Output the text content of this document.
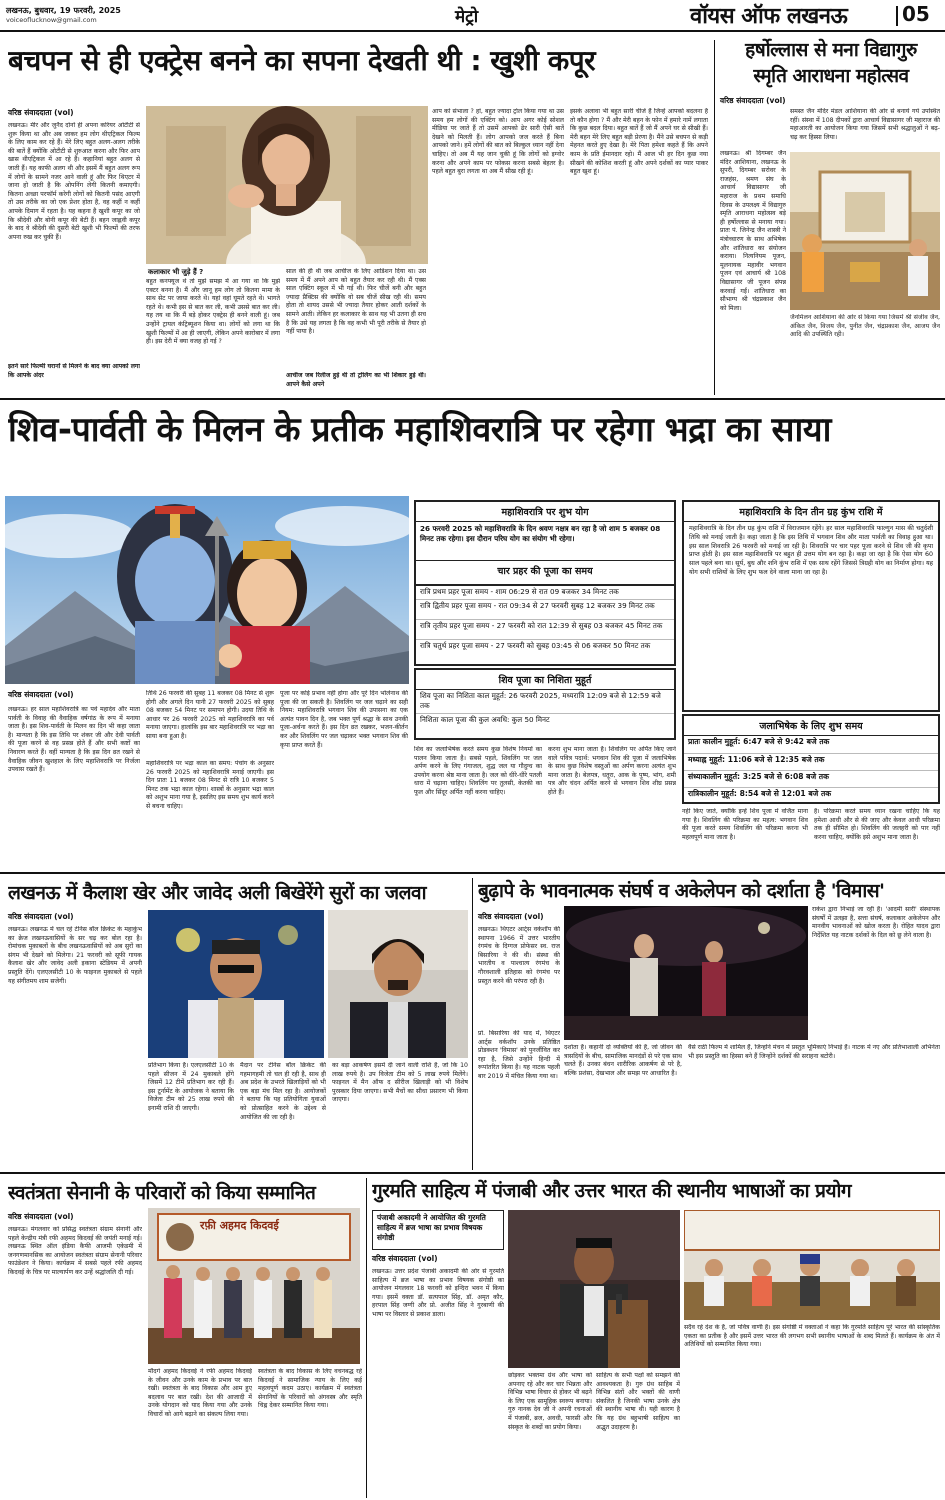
लखनऊ, बुधवार, 19 फरवरी, 2025
voiceoflucknow@gmail.com	मेट्रो	वॉयस ऑफ लखनऊ	05
बचपन से ही एक्ट्रेस बनने का सपना देखती थी : खुशी कपूर
वरिष्ठ संवाददाता (vol)
लखनऊ। मीर और जुनैद दोनों ही अपना करियर ओटीटी से शुरू किया था और अब जाकर हम लोग थीएट्रिकल फिल्म के लिए काम कर रहे हैं। मेरे लिए बहुत अलग-अलग तरीके की बातें हैं क्योंकि ओटीटी से शुरुआत करना और फिर आप खास थीएट्रिकल में आ रहे हैं। कहानियां बहुत अलग से जाती हैं। यह काफी अलग थी और इसमें मैं बहुत अलग रूप में लोगों के सामने नजर आने वाली हूं और फिर थिएटर में जाना हो जाती है कि ओपनिंग लेगी कितनी कमाएगी। कितना अच्छा परफॉर्म करेगी लोगों को कितनी पसंद आएगी तो उस तरीके का जो एक प्रेशर होता है, वह कहीं न कहीं आपके दिमाग में रहता है। यह कहना है खुशी कपूर का जो कि श्रीदेवी और बोनी कपूर की बेटी हैं। बहन जाह्नवी कपूर के बाद वे श्रीदेवी की दूसरी बेटी खुशी भी फिल्मों की तरफ अपना रुख कर चुकी हैं।
इतने सारे फिल्मी घरानों से मिलने के बाद क्या आपको लगा कि आपके अंदर
कलाकार भी जुड़े हैं ?
बहुत कनफ्यूज थे तो मुझे समझ में आ गया था कि मुझे एक्टर बनना है। मैं और जानू हम लोग तो कितना मामा के साथ सेट पर जाया करते थे। यहां वहां घूमते रहते थे। भागते रहते थे। कभी इस से बात कर ली, कभी उससे बात कर ली। यह तय था कि मैं बड़े होकर एक्ट्रेस ही बनने वाली हूं। जब उन्होंने ट्रायल कंट्रिब्यूशन किया था। लोगों को लगा था कि खुशी फिल्मों में आ ही जाएगी, लेकिन अपने कारोबार में लगा ही। इस देरी में क्या वजह हो गई ?
साल की ही थी जब आर्चीज के लिए आडिशन दिया था। उस समय में मैं अपने आप को बहुत तैयार कर रही थी। मैं एक्स साल एक्टिंग स्कूल में भी गई थी। फिर चीजें बनी और बहुत ज्यादा प्रैक्टिस की क्योंकि वो सब चीजें सीख रही थी। समय होता तो शायद उससे भी ज्यादा तैयार होकर आती दर्शकों के सामने आती। लेकिन हर कलाकार के साथ यह भी उतना ही सच है कि उसे यह लगता है कि वह कभी भी पूरी तरीके से तैयार हो नहीं पाया है।
आर्चीज जब रिलीज हुई थी तो ट्रोलिंग का भी शिकार हुई थीं। आपने कैसे अपने
आप को संभाला ? हां, बहुत ज्यादा ट्रोल किया गया था उस समय हम लोगों की एक्टिंग को। आप अगर कोई सोशल मीडिया पर जाते हैं तो उसमें आपको ढेर सारी ऐसी बातें देखने को मिलती हैं। लोग आपको जज करते हैं बिना आपको जाने। हमें लोगों की बात को बिल्कुल ध्यान नहीं देना चाहिए। तो अब मैं यह जान चुकी हूं कि लोगों को इग्नोर करना और अपने काम पर फोकस करना सबसे बेहतर है। पहले बहुत बुरा लगता था अब मैं सीख रही हूं।
इसके अलावा भी बहुत सारी चीजें हैं जिन्हें आपको बदलना है तो कौन होगा ? मैं और मेरी बहन के फोन में हमारे नामें लगाता कि कुछ बदल दिया। बहुत बातें हैं जो मैं अपने घर से सीखी हैं। मेरी बहन मेरे लिए बहुत बड़ी प्रेरणा है। मैंने उसे बचपन से कड़ी मेहनत करते हुए देखा है। मेरे पिता हमेशा कहते हैं कि अपने काम के प्रति ईमानदार रहो। मैं आज भी हर दिन कुछ नया सीखने की कोशिश करती हूं और अपने दर्शकों का प्यार पाकर बहुत खुश हूं।
हर्षोल्लास से मना विद्यागुरु
स्मृति आराधना महोत्सव
वरिष्ठ संवाददाता (vol)
लखनऊ। श्री दिगम्बर जैन मंदिर आशियाना, लखनऊ के सुपरी, दिगम्बर सरोवर के राजहंस, श्रमण संघ के आचार्य विद्यासागर जी महाराज के प्रथम समाधि दिवस के उपलक्ष्य में विद्यागुरु स्मृति आराधना महोत्सव बड़े ही हर्षोल्लास से मनाया गया। प्रातः पं. जिनेन्द्र जैन शास्त्री ने मंत्रोच्चारण के साथ अभिषेक और शांतिधारा का संयोजन कराया। नित्यनियम पूजन, मूलनायक महावीर भगवान पूजन एवं आचार्य श्री 108 विद्यासागर जी पूजन संपन्न करवाई गईं। शांतिधारा का सौभाग्य श्री चंद्रप्रकाश जैन को मिला।
समस्त जैन मंदिर मंडल आशियाना की ओर से बनाये गये उपस्थित रहीं। संस्था में 108 दीपकों द्वारा आचार्य विद्यासागर जी महाराज की महाआरती का आयोजन किया गया जिसमें सभी श्रद्धालुओं ने बढ़-चढ़ कर हिस्सा लिया।
जैनमिलन आशियाना की ओर से किया गया जिसमें श्री संजीव जैन, अंकित जैन, विजय जैन, पुनीत जैन, चंद्रप्रकाश जैन, आजय जैन आदि की उपस्थिति रही।
शिव-पार्वती के मिलन के प्रतीक महाशिवरात्रि पर रहेगा भद्रा का साया
महाशिवरात्रि पर शुभ योग
26 फरवरी 2025 को महाशिवरात्रि के दिन श्रवण नक्षत्र बन रहा है जो शाम 5 बजकर 08 मिनट तक रहेगा। इस दौरान परिघ योग का संयोग भी रहेगा।
चार प्रहर की पूजा का समय
रात्रि प्रथम प्रहर पूजा समय - शाम 06:29 से रात 09 बजकर 34 मिनट तक
रात्रि द्वितीय प्रहर पूजा समय - रात 09:34 से 27 फरवरी सुबह 12 बजकर 39 मिनट तक
रात्रि तृतीय प्रहर पूजा समय - 27 फरवरी को रात 12:39 से सुबह 03 बजकर 45 मिनट तक
रात्रि चतुर्थ प्रहर पूजा समय - 27 फरवरी को सुबह 03:45 से 06 बजकर 50 मिनट तक
शिव पूजा का निशिता मुहूर्त
शिव पूजा का निशिता काल मुहूर्त: 26 फरवरी 2025, मध्यरात्रि 12:09 बजे से 12:59 बजे तक
निशिता काल पूजा की कुल अवधि: कुल 50 मिनट
महाशिवरात्रि के दिन तीन ग्रह कुंभ राशि में
महाशिवरात्रि के दिन तीन ग्रह कुंभ राशि में विराजमान रहेंगे। हर साल महाशिवरात्रि फाल्गुन मास की चतुर्दशी तिथि को मनाई जाती है। कहा जाता है कि इस तिथि में भगवान शिव और माता पार्वती का विवाह हुआ था। इस साल शिवरात्रि 26 फरवरी को मनाई जा रही है। शिवरात्रि पर चार पहर पूजा करने से शिव जी की कृपा प्राप्त होती है। इस साल महाशिवरात्रि पर बहुत ही उत्तम योग बन रहा है। कहा जा रहा है कि ऐसा योग 60 साल पहले बना था। सूर्य, बुध और शनि कुंभ राशि में एक साथ रहेंगे जिससे त्रिग्रही योग का निर्माण होगा। यह योग सभी राशियों के लिए शुभ फल देने वाला माना जा रहा है।
जलाभिषेक के लिए शुभ समय
प्रातः कालीन मुहूर्त: 6:47 बजे से 9:42 बजे तक
मध्याह्न मुहूर्त: 11:06 बजे से 12:35 बजे तक
संध्याकालीन मुहूर्त: 3:25 बजे से 6:08 बजे तक
रात्रिकालीन मुहूर्त: 8:54 बजे से 12:01 बजे तक
वरिष्ठ संवाददाता (vol)
लखनऊ। हर साल महाशिवरात्रि का पर्व महादेव और माता पार्वती के विवाह की वैवाहिक वर्षगांठ के रूप में मनाया जाता है। इस शिव-पार्वती के मिलन का दिन भी कहा जाता है। मान्यता है कि इस तिथि पर शंकर जी और देवी पार्वती की पूजा करने से वह प्रसन्न होते हैं और सभी कष्टों का निवारण करते हैं। वहीं मान्यता है कि इस दिन व्रत रखने से वैवाहिक जीवन खुशहाल के लिए महाशिवरात्रि पर निर्जला उपवास रखते हैं।
तिथि 26 फरवरी की सुबह 11 बजकर 08 मिनट से शुरू होगी और अगले दिन यानी 27 फरवरी 2025 को सुबह 08 बजकर 54 मिनट पर समापन होगी। उदया तिथि के आधार पर 26 फरवरी 2025 को महाशिवरात्रि का पर्व मनाया जाएगा। हालांकि इस बार महाशिवरात्रि पर भद्रा का साया बना हुआ है।
महाशिवरात्रि पर भद्रा काल का समय: पंचांग के अनुसार 26 फरवरी 2025 को महाशिवरात्रि मनाई जाएगी। इस दिन प्रातः 11 बजकर 08 मिनट से रात्रि 10 बजकर 5 मिनट तक भद्रा काल रहेगा। शास्त्रों के अनुसार भद्रा काल को अशुभ माना गया है, इसलिए इस समय शुभ कार्य करने से बचना चाहिए।
पूजा पर कोई प्रभाव नहीं होगा और पूरे दिन भोलेनाथ की पूजा की जा सकती है। शिवलिंग पर जल चढ़ाने का सही नियम: महाशिवरात्रि भगवान शिव की उपासना का एक अत्यंत पावन दिन है, जब भक्त पूर्ण श्रद्धा के साथ उनकी पूजा-अर्चना करते हैं। इस दिन व्रत रखकर, भजन-कीर्तन कर और शिवलिंग पर जल चढ़ाकर भक्त भगवान शिव की कृपा प्राप्त करते हैं।
शिव का जलाभिषेक करते समय कुछ विशेष नियमों का पालन किया जाता है। सबसे पहले, शिवलिंग पर जल अर्पण करने के लिए गंगाजल, शुद्ध जल या गौदुग्ध का उपयोग करना श्रेष्ठ माना जाता है। जल को धीरे-धीरे पतली धारा में चढ़ाना चाहिए। शिवलिंग पर तुलसी, केतकी का फूल और सिंदूर अर्पित नहीं करना चाहिए।
करना शुभ माना जाता है। शिवलिंग पर अर्पित किए जाने वाले पवित्र पदार्थ: भगवान शिव की पूजा में जलाभिषेक के साथ कुछ विशेष वस्तुओं का अर्पण करना अत्यंत शुभ माना जाता है। बेलपत्र, धतूरा, आक के पुष्प, भांग, शमी पत्र और चंदन अर्पित करने से भगवान शिव शीघ्र प्रसन्न होते हैं।
नहीं किए जाते, क्योंकि इन्हें शिव पूजा में वर्जित माना गया है। शिवलिंग की परिक्रमा का महत्व: भगवान शिव की पूजा करते समय शिवलिंग की परिक्रमा करना भी महत्वपूर्ण माना जाता है।
है। परिक्रमा करते समय ध्यान रखना चाहिए कि यह हमेशा आधी और से की जाए और केवल आधी परिक्रमा तक ही सीमित हो। शिवलिंग की जलहरी को पार नहीं करना चाहिए, क्योंकि इसे अशुभ माना जाता है।
लखनऊ में कैलाश खेर और जावेद अली बिखेरेंगे सुरों का जलवा
वरिष्ठ संवाददाता (vol)
लखनऊ। लखनऊ में चल रहे टेनिस बॉल क्रिकेट के महाकुंभ का क्रेज लखनऊवासियों के सर चढ़ कर बोल रहा है। रोमांचक मुकाबलों के बीच लखनऊवासियों को अब सुरों का संगम भी देखने को मिलेगा। 21 फरवरी को सूफी गायक कैलाश खेर और जावेद अली इकाना स्टेडियम में अपनी प्रस्तुति देंगे। एलएलसीटी 10 के फाइनल मुकाबले से पहले यह संगीतमय शाम सजेगी।
प्रतिभाग किया है। एलएलसीटी 10 के पहले सीजन में 24 मुकाबले होंगे जिसमें 12 टीमें प्रतिभाग कर रही हैं। इस टूर्नामेंट के आयोजक ने बताया कि विजेता टीम को 25 लाख रुपये की इनामी राशि दी जाएगी।
मैदान पर टेनिस बॉल क्रिकेट की गहमागहमी तो चल ही रही है, साथ ही अब प्रदेश के उभरते खिलाड़ियों को भी एक बड़ा मंच मिल रहा है। आयोजकों ने बताया कि यह प्रतियोगिता युवाओं को प्रोत्साहित करने के उद्देश्य से आयोजित की जा रही है।
का बड़ा आकर्षण इसमें दी जाने वाली राशि है, जो कि 10 लाख रुपये है। उप विजेता टीम को 5 लाख रुपये मिलेंगे। फाइनल में मैन ऑफ द सीरीज खिलाड़ी को भी विशेष पुरस्कार दिया जाएगा। सभी मैचों का सीधा प्रसारण भी किया जाएगा।
बुढ़ापे के भावनात्मक संघर्ष व अकेलेपन को दर्शाता है 'विमास'
वरिष्ठ संवाददाता (vol)
लखनऊ। थिएटर आर्ट्स वर्कशॉप की स्थापना 1966 में उत्तर भारतीय रंगमंच के दिग्गज प्रोफेसर स्व. राज बिसारिया ने की थी। संस्था की भारतीय व पाश्चात्य रंगमंच के गौरवशाली इतिहास को रंगमंच पर प्रस्तुत करने की परंपरा रही है।
प्रो. बिसारिया की याद में, थिएटर आर्ट्स वर्कशॉप उनके प्रतिष्ठित प्रोडक्शन 'विमास' को पुनर्जीवित कर रहा है, जिसे उन्होंने हिन्दी में रूपांतरित किया है। यह नाटक पहली बार 2019 में मंचित किया गया था।
दर्शाता है। कहानी दो व्यक्तियों की है, जो जीवन की त्रासदियों के बीच, सामाजिक मानदंडों से परे एक साथ चलते हैं। उनका बंधन शारीरिक आकर्षण से परे है, बल्कि प्रशंसा, देखभाल और समझ पर आधारित है।
राकेश द्वारा निभाई जा रही है। 'आदमी सारी' संस्थापक संघर्षों में उलझा है, सत्ता संघर्ष, कलाकार अकेलेपन और मानवीय भावनाओं को खोज करता है। रोहित यादव द्वारा निर्देशित यह नाटक दर्शकों के दिल को छू लेने वाला है।
वैसे राठी फिल्म में शामिल हैं, जिन्होंने मंचन में प्रस्तुत भूमिकाएं निभाई हैं। नाटक में नए और प्रतिभाशाली अभिनेता भी इस प्रस्तुति का हिस्सा बने हैं जिन्होंने दर्शकों की सराहना बटोरी।
स्वतंत्रता सेनानी के परिवारों को किया सम्मानित
वरिष्ठ संवाददाता (vol)
लखनऊ। मंगलवार को प्रसिद्ध स्वतंत्रता संग्राम सेनानी और पहले केन्द्रीय मंत्री रफी अहमद किदवई की जयंती मनाई गई। लखनऊ स्थित ऑल इंडिया कैफी आजमी एकेडमी में जनगणमानसिक का आयोजन स्वतंत्रता संग्राम सेनानी परिवार फाउंडेशन ने किया। कार्यक्रम में सबसे पहले रफी अहमद किदवई के चित्र पर माल्यार्पण कर उन्हें श्रद्धांजलि दी गई।
रफ़ी अहमद किदवई
मौदगे अहमद किदवई ने रफी अहमद किदवई के जीवन और उनके काम के प्रभाव पर बात रखी। स्वतंत्रता के बाद विकास और आम हुए बदलाव पर बात रखी। देश की आजादी में उनके योगदान को याद किया गया और उनके विचारों को आगे बढ़ाने का संकल्प लिया गया।
स्वतंत्रता के बाद विकास के लिए वचनबद्ध रहे किदवई ने सामाजिक न्याय के लिए कई महत्वपूर्ण कदम उठाए। कार्यक्रम में स्वतंत्रता सेनानियों के परिवारों को अंगवस्त्र और स्मृति चिह्न देकर सम्मानित किया गया।
गुरमति साहित्य में पंजाबी और उत्तर भारत की स्थानीय भाषाओं का प्रयोग
पंजाबी अकादमी ने आयोजित की गुरमति साहित्य में ब्रज भाषा का प्रभाव विषयक संगोष्ठी
वरिष्ठ संवाददाता (vol)
लखनऊ। उत्तर प्रदेश पंजाबी अकादमी की ओर से गुरमति साहित्य में ब्रज भाषा का प्रभाव विषयक संगोष्ठी का आयोजन मंगलवार 18 फरवरी को इन्दिरा भवन में किया गया। इसमें वक्ता डॉ. सत्यपाल सिंह, डॉ. अमृत कौर, हरपाल सिंह जग्गी और प्रो. अजीत सिंह ने गुरबाणी की भाषा पर विस्तार से प्रकाश डाला।
छोड़कर भक्तमा ग्रंथ और भाषा को अपनाए रहे और कर चार भिन्नता और विभिन्न भाषा विचार से होकर भी बढ़ने के लिए एक सामूहिक स्वरूप बनाया। गुरु नानक देव जी ने अपनी रचनाओं में पंजाबी, ब्रज, अवधी, फारसी और संस्कृत के शब्दों का प्रयोग किया।
साहित्य के सभी पक्षों को समझने की आवश्यकता है। गुरु ग्रंथ साहिब में विभिन्न संतों और भक्तों की वाणी संकलित है जिनकी भाषा उनके क्षेत्र की स्थानीय भाषा थी। यही कारण है कि यह ग्रंथ बहुभाषी साहित्य का अद्भुत उदाहरण है।
सदैव रहे देश के है, जो पवित्र वाणी है। इस संगोष्ठी में वक्ताओं ने कहा कि गुरमति साहित्य पूरे भारत की सांस्कृतिक एकता का प्रतीक है और इसमें उत्तर भारत की लगभग सभी स्थानीय भाषाओं के शब्द मिलते हैं। कार्यक्रम के अंत में अतिथियों को सम्मानित किया गया।
